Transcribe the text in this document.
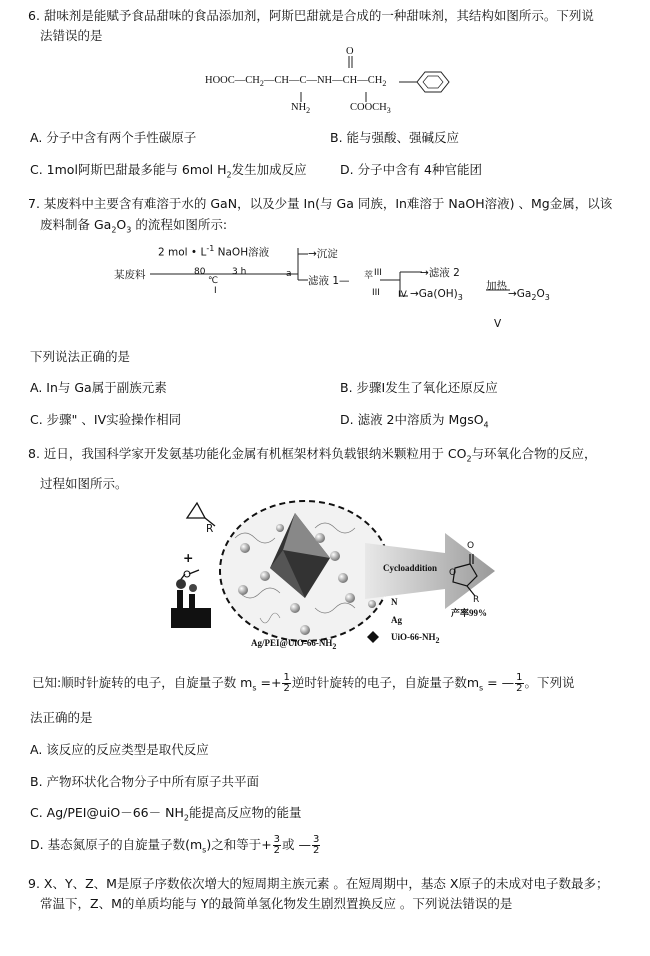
6. 甜味剂是能赋予食品甜味的食品添加剂，阿斯巴甜就是合成的一种甜味剂，其结构如图所示。下列说
法错误的是
$HOOC—CH_2—CH—C—NH—CH—CH_2$
O
$NH_2$	$COOCH_3$
A. 分子中含有两个手性碳原子	B. 能与强酸、强碱反应
C. 1mol阿斯巴甜最多能与 6mol $H_2$发生加成反应	D. 分子中含有 4种官能团
7. 某废料中主要含有难溶于水的 GaN，以及少量 In(与 Ga 同族，In难溶于 NaOH溶液) 、Mg金属，以该
废料制备 $Ga_2O_3$ 的流程如图所示:
2 mol • $L^{-1}$ NaOH溶液	→沉淀
某废料	80
℃
3 h
I
a
滤液 1— 萃 III
III IV
→滤液 2
$\to Ga(OH)_3$
加热
$\to Ga_2O_3$
V
下列说法正确的是
A. In与 Ga属于副族元素	B. 步骤I发生了氧化还原反应
C. 步骤" 、IV实验操作相同	D. 滤液 2中溶质为 MgsO$_4$
8. 近日，我国科学家开发氨基功能化金属有机框架材料负载银纳米颗粒用于 $CO_2$与环氧化合物的反应，
过程如图所示。
R
+
Cycloaddition O
O
R
产率99%
N
Ag
UiO-$66-NH_2$
$Ag/PEI@UiO-66-NH_2$
已知:顺时针旋转的电子，自旋量子数 $m_s =+ \frac{1}{2}$ 逆时针旋转的电子，自旋量子数$m_s$ = — $\frac{1}{2}$ 。下列说
法正确的是
A. 该反应的反应类型是取代反应
B. 产物环状化合物分子中所有原子共平面
C. Ag/PEI@uiO－66－ $NH_2$能提高反应物的能量
D. 基态氮原子的自旋量子数$(m_s)$之和等于+ $\frac{3}{2}$ 或 — $\frac{3}{2}$
9. X、Y、Z、M是原子序数依次增大的短周期主族元素 。在短周期中，基态 X原子的未成对电子数最多；
常温下，Z、M的单质均能与 Y的最简单氢化物发生剧烈置换反应 。下列说法错误的是
